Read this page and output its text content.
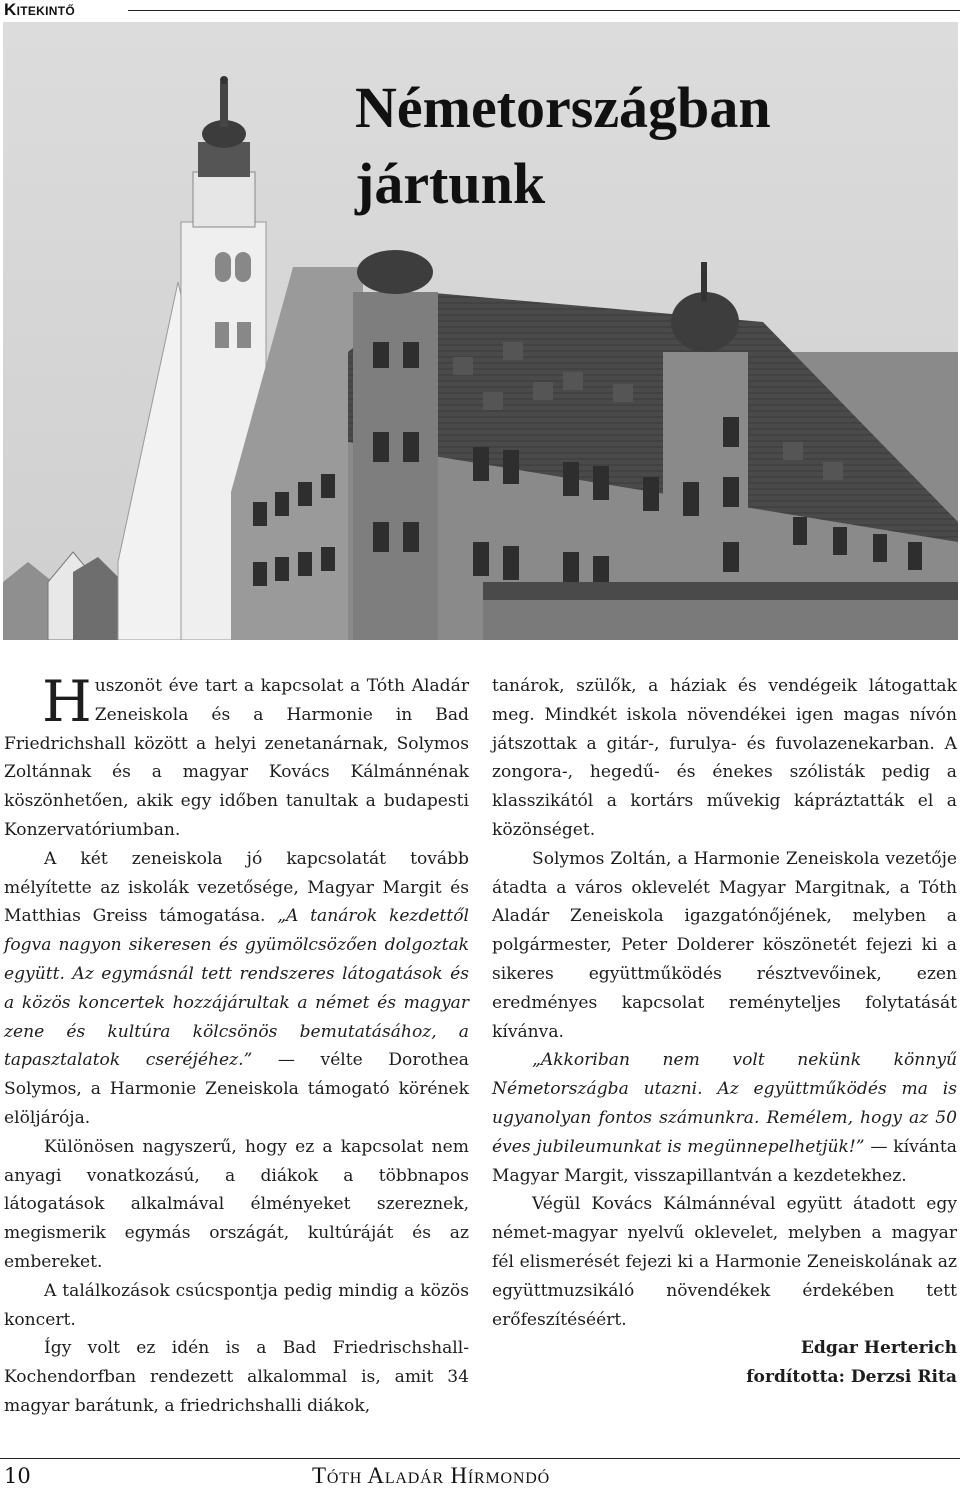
Kitekintő
Németországban
jártunk

Huszonöt éve tart a kapcsolat a Tóth Aladár Zeneiskola és a Harmonie in Bad Friedrichshall között a helyi zenetanárnak, Solymos Zoltánnak és a magyar Kovács Kálmánnénak köszönhetően, akik egy időben tanultak a budapesti Konzervatóriumban.

A két zeneiskola jó kapcsolatát tovább mélyítette az iskolák vezetősége, Magyar Margit és Matthias Greiss támogatása. „A tanárok kezdettől fogva nagyon sikeresen és gyümölcsözően dolgoztak együtt. Az egymásnál tett rendszeres látogatások és a közös koncertek hozzájárultak a német és magyar zene és kultúra kölcsönös bemutatásához, a tapasztalatok cseréjéhez.” — vélte Dorothea Solymos, a Harmonie Zeneiskola támogató körének elöljárója.

Különösen nagyszerű, hogy ez a kapcsolat nem anyagi vonatkozású, a diákok a többnapos látogatások alkalmával élményeket szereznek, megismerik egymás országát, kultúráját és az embereket.

A találkozások csúcspontja pedig mindig a közös koncert.

Így volt ez idén is a Bad Friedrischshall-Kochendorfban rendezett alkalommal is, amit 34 magyar barátunk, a friedrichshalli diákok,

tanárok, szülők, a háziak és vendégeik látogattak meg. Mindkét iskola növendékei igen magas nívón játszottak a gitár-, furulya- és fuvolazenekarban. A zongora-, hegedű- és énekes szólisták pedig a klasszikától a kortárs művekig kápráztatták el a közönséget.

Solymos Zoltán, a Harmonie Zeneiskola vezetője átadta a város oklevelét Magyar Margitnak, a Tóth Aladár Zeneiskola igazgatónőjének, melyben a polgármester, Peter Dolderer köszönetét fejezi ki a sikeres együttműködés résztvevőinek, ezen eredményes kapcsolat reményteljes folytatását kívánva.

„Akkoriban nem volt nekünk könnyű Németországba utazni. Az együttműködés ma is ugyanolyan fontos számunkra. Remélem, hogy az 50 éves jubileumunkat is megünnepelhetjük!” — kívánta Magyar Margit, visszapillantván a kezdetekhez.

Végül Kovács Kálmánnéval együtt átadott egy német-magyar nyelvű oklevelet, melyben a magyar fél elismerését fejezi ki a Harmonie Zeneiskolának az együttmuzsikáló növendékek érdekében tett erőfeszítéséért.

Edgar Herterich

fordította: Derzsi Rita

10	Tóth Aladár Hírmondó
